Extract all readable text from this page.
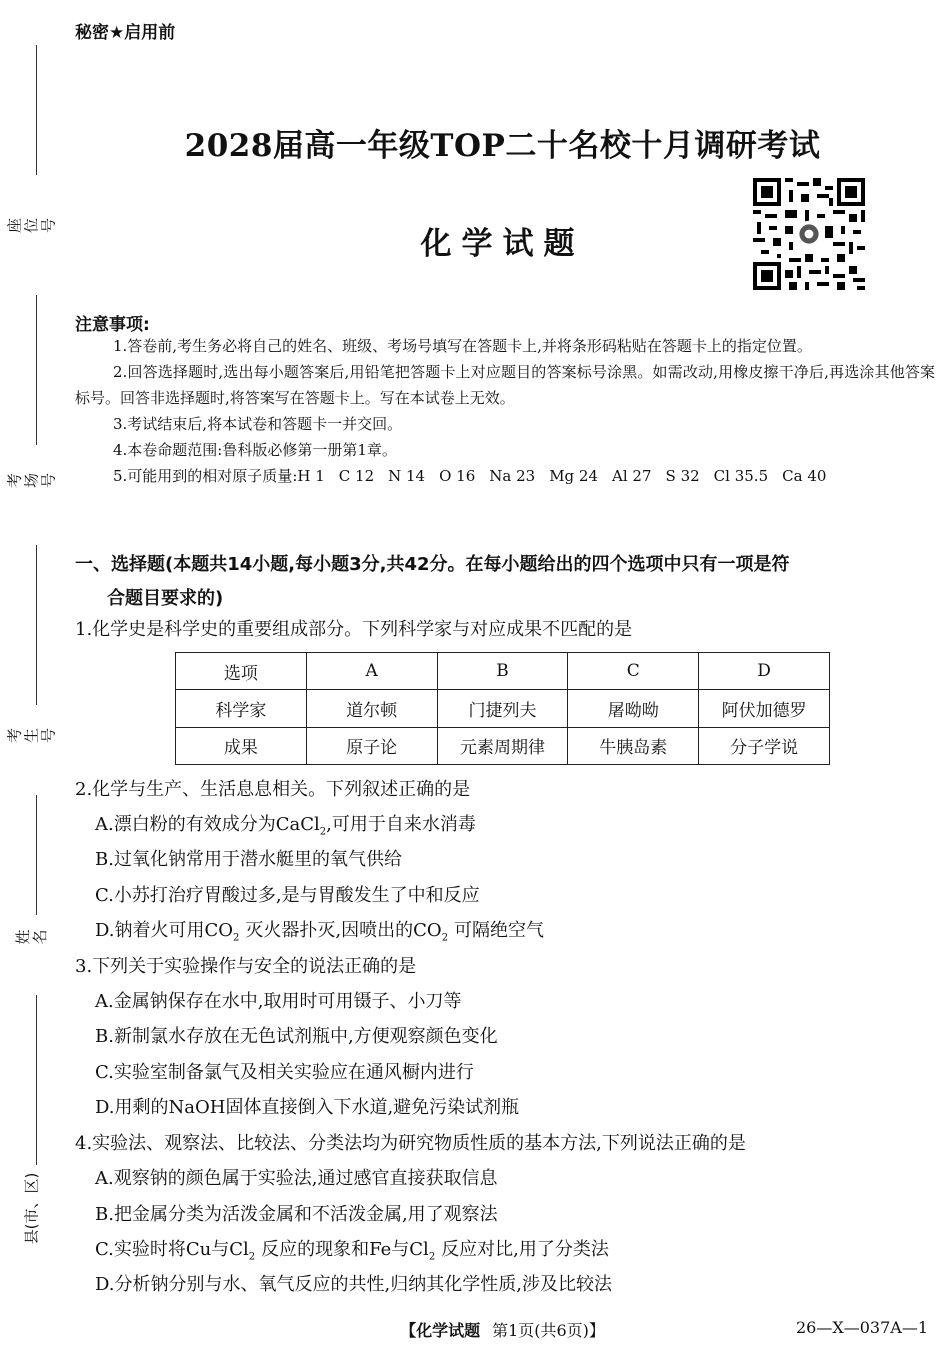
座位号
考场号
考生号
姓名
县(市、区)
秘密★启用前
2028届高一年级TOP二十名校十月调研考试
化学试题
注意事项:

1.答卷前,考生务必将自己的姓名、班级、考场号填写在答题卡上,并将条形码粘贴在答题卡上的指定位置。

2.回答选择题时,选出每小题答案后,用铅笔把答题卡上对应题目的答案标号涂黑。如需改动,用橡皮擦干净后,再选涂其他答案标号。回答非选择题时,将答案写在答题卡上。写在本试卷上无效。

3.考试结束后,将本试卷和答题卡一并交回。

4.本卷命题范围:鲁科版必修第一册第1章。

5.可能用到的相对原子质量:H 1 C 12 N 14 O 16 Na 23 Mg 24 Al 27 S 32 Cl 35.5 Ca 40

一、选择题(本题共14小题,每小题3分,共42分。在每小题给出的四个选项中只有一项是符
合题目要求的)
1.化学史是科学史的重要组成部分。下列科学家与对应成果不匹配的是
选项	A	B	C	D
科学家	道尔顿	门捷列夫	屠呦呦	阿伏加德罗
成果	原子论	元素周期律	牛胰岛素	分子学说
2.化学与生产、生活息息相关。下列叙述正确的是
A.漂白粉的有效成分为CaCl$_2$,可用于自来水消毒
B.过氧化钠常用于潜水艇里的氧气供给
C.小苏打治疗胃酸过多,是与胃酸发生了中和反应
D.钠着火可用$CO_2$ 灭火器扑灭,因喷出的$CO_2$ 可隔绝空气
3.下列关于实验操作与安全的说法正确的是
A.金属钠保存在水中,取用时可用镊子、小刀等
B.新制氯水存放在无色试剂瓶中,方便观察颜色变化
C.实验室制备氯气及相关实验应在通风橱内进行
D.用剩的NaOH固体直接倒入下水道,避免污染试剂瓶
4.实验法、观察法、比较法、分类法均为研究物质性质的基本方法,下列说法正确的是
A.观察钠的颜色属于实验法,通过感官直接获取信息
B.把金属分类为活泼金属和不活泼金属,用了观察法
C.实验时将Cu与$Cl_2$ 反应的现象和Fe与$Cl_2$ 反应对比,用了分类法
D.分析钠分别与水、氧气反应的共性,归纳其化学性质,涉及比较法
【化学试题 第1页(共6页)】	26—X—037A—1
